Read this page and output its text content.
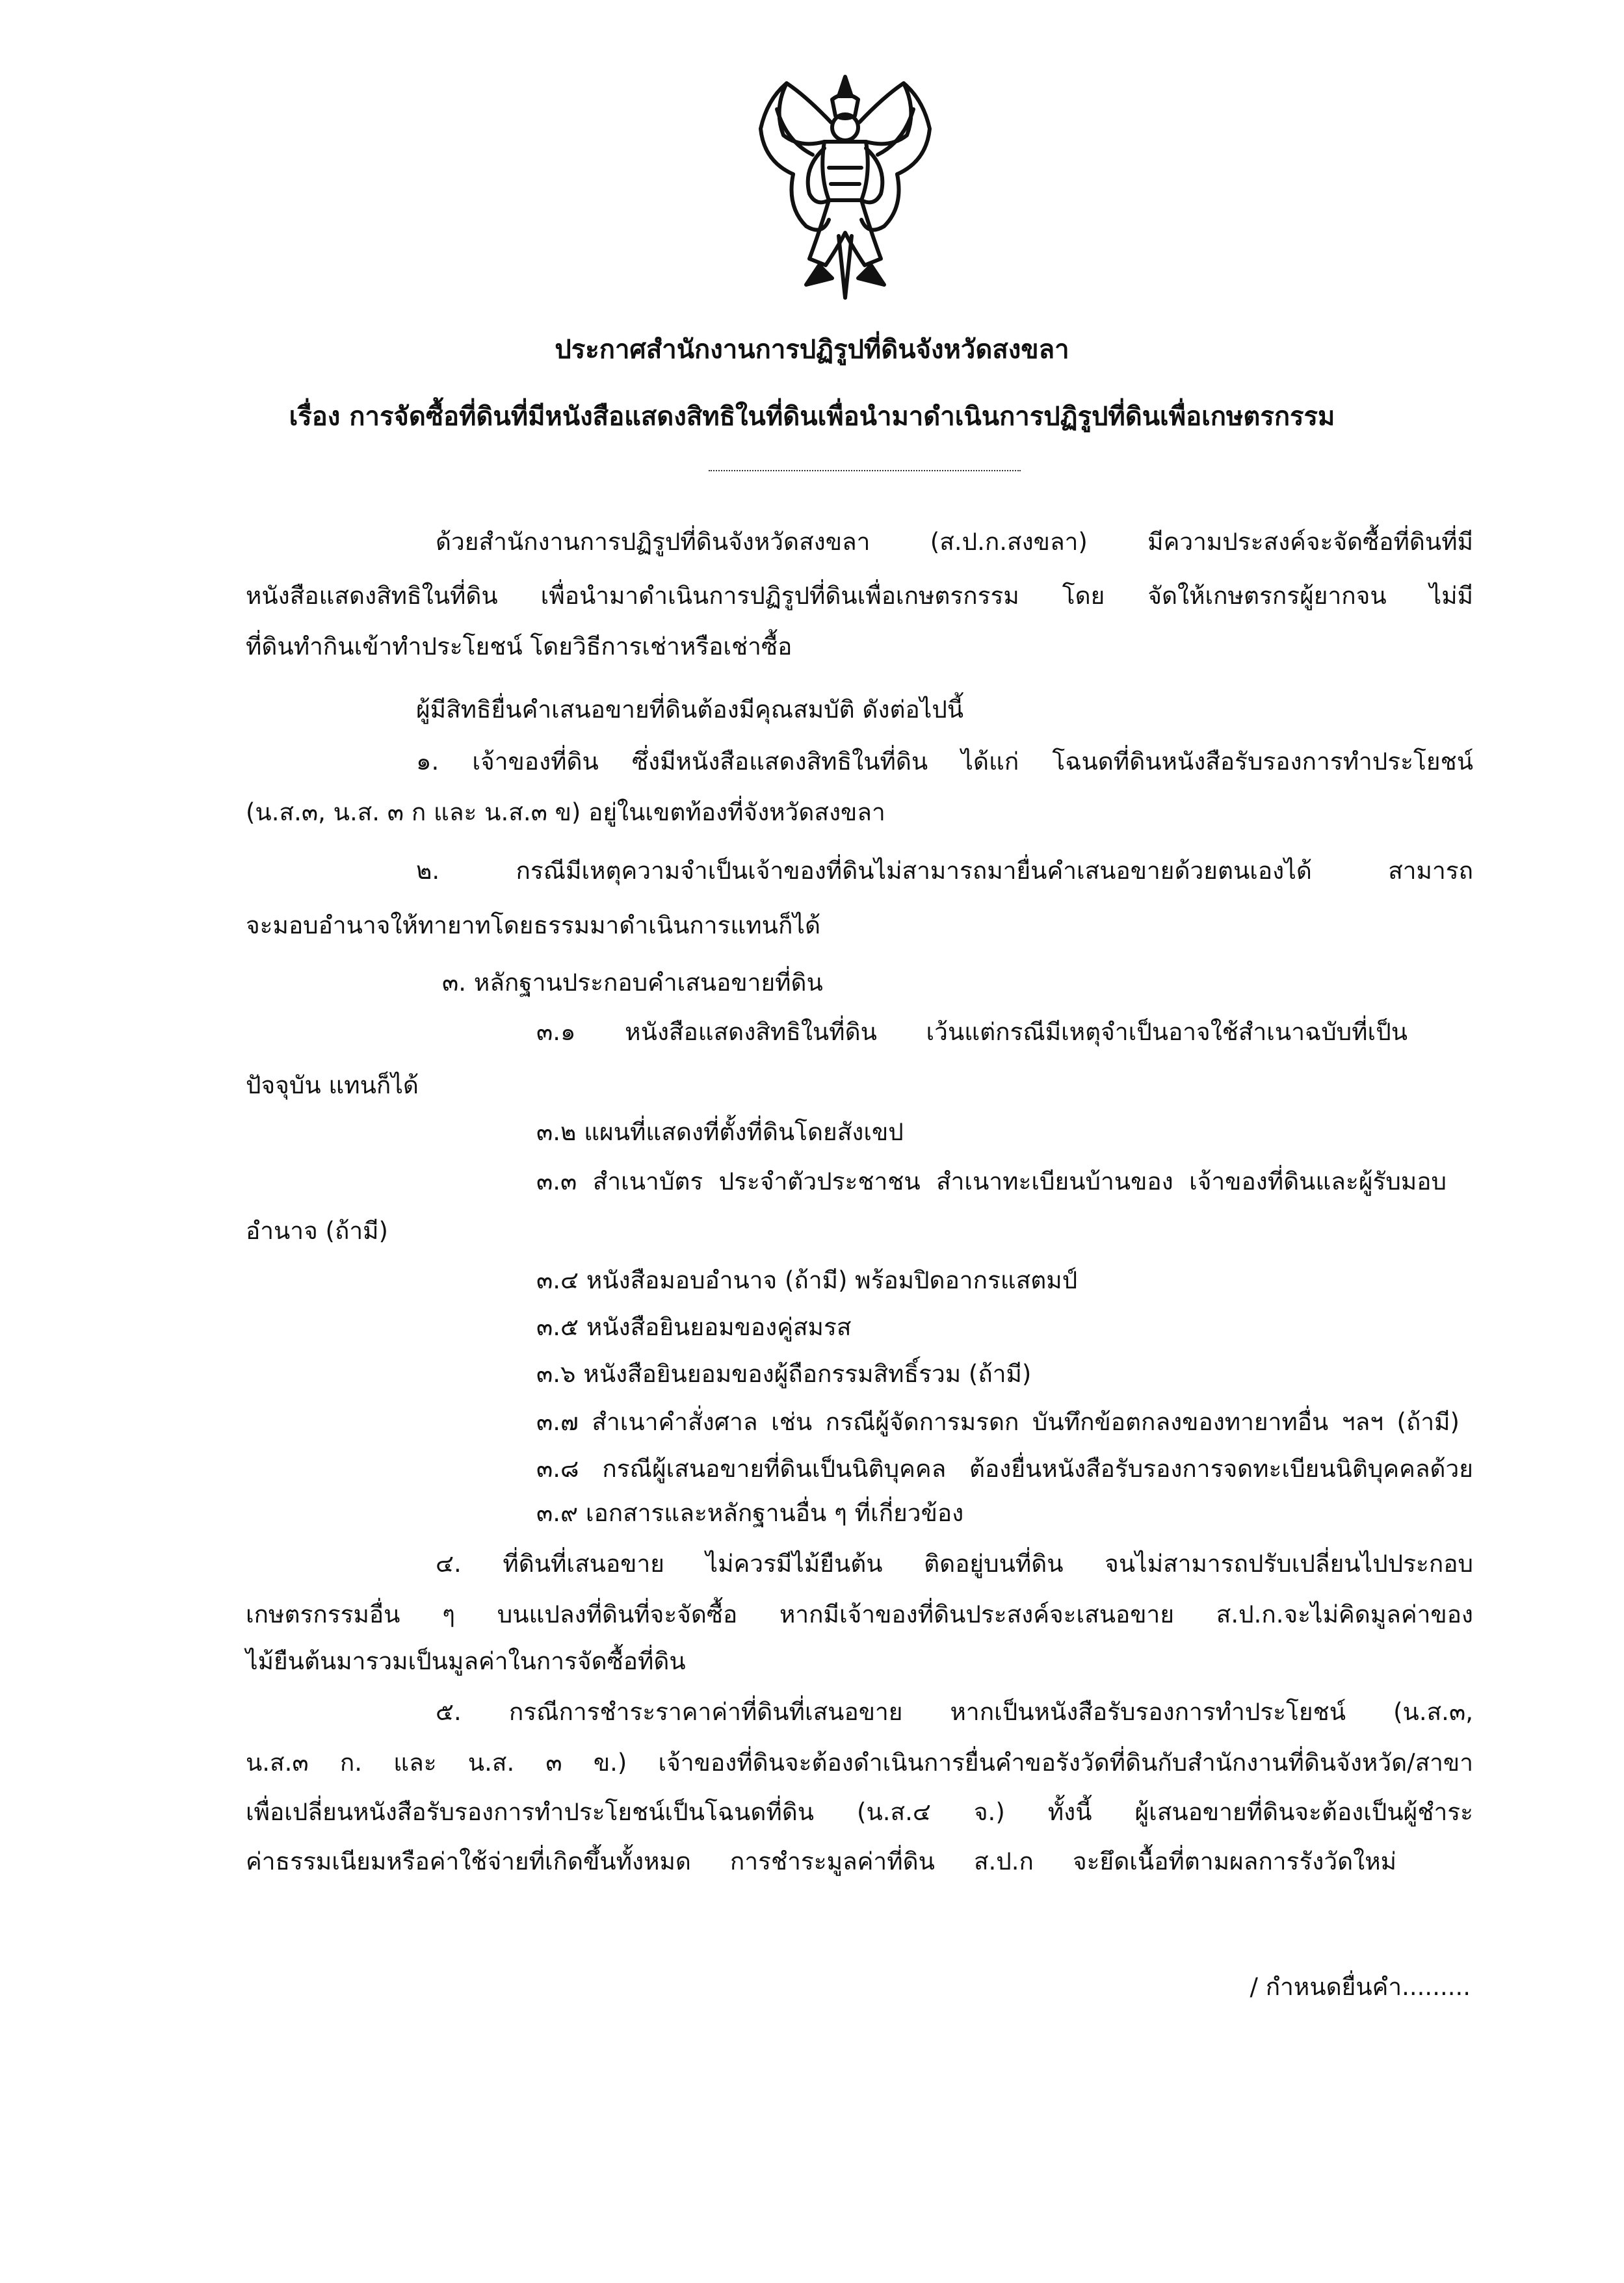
ประกาศสำนักงานการปฏิรูปที่ดินจังหวัดสงขลา
เรื่อง การจัดซื้อที่ดินที่มีหนังสือแสดงสิทธิในที่ดินเพื่อนำมาดำเนินการปฏิรูปที่ดินเพื่อเกษตรกรรม
ด้วยสำนักงานการปฏิรูปที่ดินจังหวัดสงขลา (ส.ป.ก.สงขลา) มีความประสงค์จะจัดซื้อที่ดินที่มี
หนังสือแสดงสิทธิในที่ดิน เพื่อนำมาดำเนินการปฏิรูปที่ดินเพื่อเกษตรกรรม โดย จัดให้เกษตรกรผู้ยากจน ไม่มี
ที่ดินทำกินเข้าทำประโยชน์ โดยวิธีการเช่าหรือเช่าซื้อ
ผู้มีสิทธิยื่นคำเสนอขายที่ดินต้องมีคุณสมบัติ ดังต่อไปนี้
๑. เจ้าของที่ดิน ซึ่งมีหนังสือแสดงสิทธิในที่ดิน ได้แก่ โฉนดที่ดินหนังสือรับรองการทำประโยชน์
(น.ส.๓, น.ส. ๓ ก และ น.ส.๓ ข) อยู่ในเขตท้องที่จังหวัดสงขลา
๒. กรณีมีเหตุความจำเป็นเจ้าของที่ดินไม่สามารถมายื่นคำเสนอขายด้วยตนเองได้ สามารถ
จะมอบอำนาจให้ทายาทโดยธรรมมาดำเนินการแทนก็ได้
๓. หลักฐานประกอบคำเสนอขายที่ดิน
๓.๑ หนังสือแสดงสิทธิในที่ดิน เว้นแต่กรณีมีเหตุจำเป็นอาจใช้สำเนาฉบับที่เป็น
ปัจจุบัน แทนก็ได้
๓.๒ แผนที่แสดงที่ตั้งที่ดินโดยสังเขป
๓.๓ สำเนาบัตร ประจำตัวประชาชน สำเนาทะเบียนบ้านของ เจ้าของที่ดินและผู้รับมอบ
อำนาจ (ถ้ามี)
๓.๔ หนังสือมอบอำนาจ (ถ้ามี) พร้อมปิดอากรแสตมป์
๓.๕ หนังสือยินยอมของคู่สมรส
๓.๖ หนังสือยินยอมของผู้ถือกรรมสิทธิ์รวม (ถ้ามี)
๓.๗ สำเนาคำสั่งศาล เช่น กรณีผู้จัดการมรดก บันทึกข้อตกลงของทายาทอื่น ฯลฯ (ถ้ามี)
๓.๘ กรณีผู้เสนอขายที่ดินเป็นนิติบุคคล ต้องยื่นหนังสือรับรองการจดทะเบียนนิติบุคคลด้วย
๓.๙ เอกสารและหลักฐานอื่น ๆ ที่เกี่ยวข้อง
๔. ที่ดินที่เสนอขาย ไม่ควรมีไม้ยืนต้น ติดอยู่บนที่ดิน จนไม่สามารถปรับเปลี่ยนไปประกอบ
เกษตรกรรมอื่น ๆ บนแปลงที่ดินที่จะจัดซื้อ หากมีเจ้าของที่ดินประสงค์จะเสนอขาย ส.ป.ก.จะไม่คิดมูลค่าของ
ไม้ยืนต้นมารวมเป็นมูลค่าในการจัดซื้อที่ดิน
๕. กรณีการชำระราคาค่าที่ดินที่เสนอขาย หากเป็นหนังสือรับรองการทำประโยชน์ (น.ส.๓,
น.ส.๓ ก. และ น.ส. ๓ ข.) เจ้าของที่ดินจะต้องดำเนินการยื่นคำขอรังวัดที่ดินกับสำนักงานที่ดินจังหวัด/สาขา
เพื่อเปลี่ยนหนังสือรับรองการทำประโยชน์เป็นโฉนดที่ดิน (น.ส.๔ จ.) ทั้งนี้ ผู้เสนอขายที่ดินจะต้องเป็นผู้ชำระ
ค่าธรรมเนียมหรือค่าใช้จ่ายที่เกิดขึ้นทั้งหมด การชำระมูลค่าที่ดิน ส.ป.ก จะยึดเนื้อที่ตามผลการรังวัดใหม่
/ กำหนดยื่นคำ.........
